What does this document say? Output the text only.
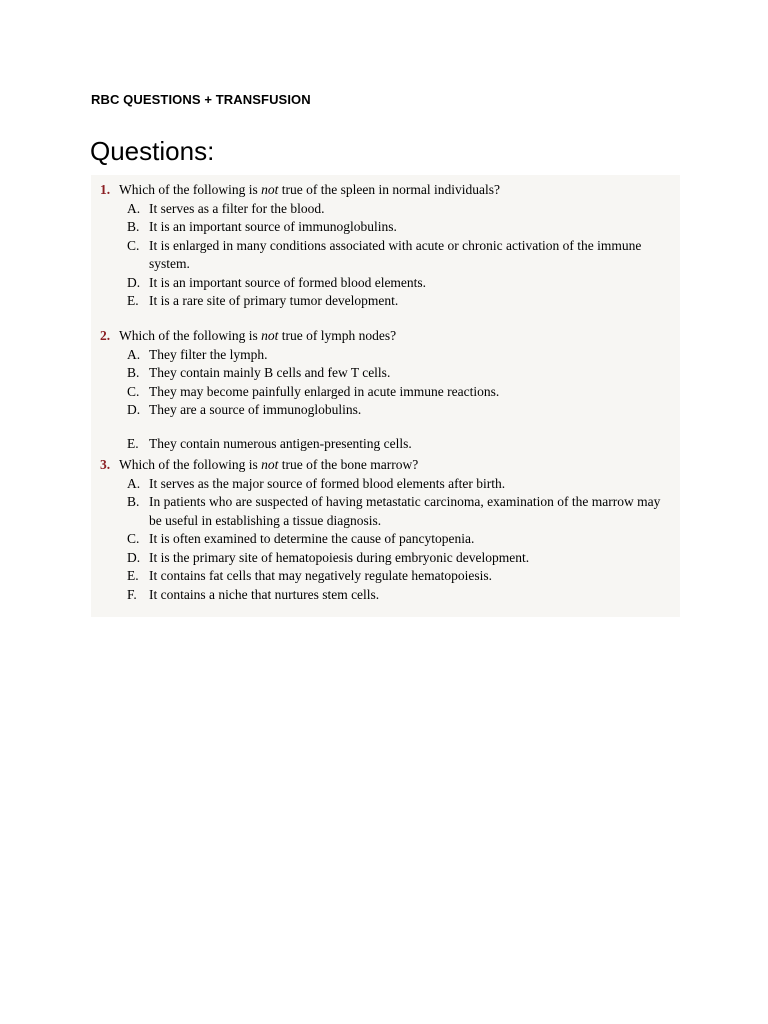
RBC QUESTIONS + TRANSFUSION
Questions:
1. Which of the following is not true of the spleen in normal individuals?
A. It serves as a filter for the blood.
B. It is an important source of immunoglobulins.
C. It is enlarged in many conditions associated with acute or chronic activation of the immune system.
D. It is an important source of formed blood elements.
E. It is a rare site of primary tumor development.
2. Which of the following is not true of lymph nodes?
A. They filter the lymph.
B. They contain mainly B cells and few T cells.
C. They may become painfully enlarged in acute immune reactions.
D. They are a source of immunoglobulins.
E. They contain numerous antigen-presenting cells.
3. Which of the following is not true of the bone marrow?
A. It serves as the major source of formed blood elements after birth.
B. In patients who are suspected of having metastatic carcinoma, examination of the marrow may be useful in establishing a tissue diagnosis.
C. It is often examined to determine the cause of pancytopenia.
D. It is the primary site of hematopoiesis during embryonic development.
E. It contains fat cells that may negatively regulate hematopoiesis.
F. It contains a niche that nurtures stem cells.
